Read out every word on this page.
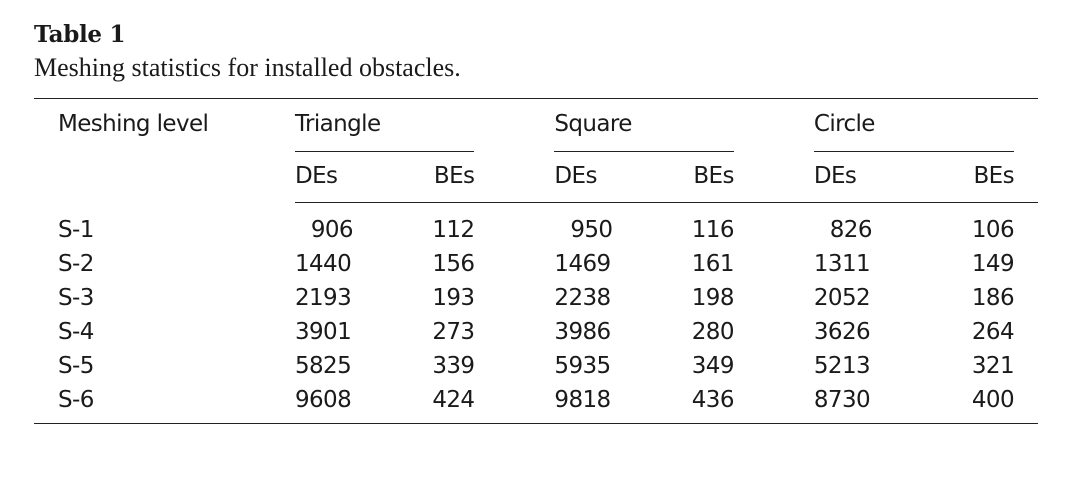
Table 1
Meshing statistics for installed obstacles.
Meshing level	Triangle		Square		Circle	

	DEs	BEs	DEs	BEs	DEs	BEs
S-1	906	112	950	116	826	106
S-2	1440	156	1469	161	1311	149
S-3	2193	193	2238	198	2052	186
S-4	3901	273	3986	280	3626	264
S-5	5825	339	5935	349	5213	321
S-6	9608	424	9818	436	8730	400
